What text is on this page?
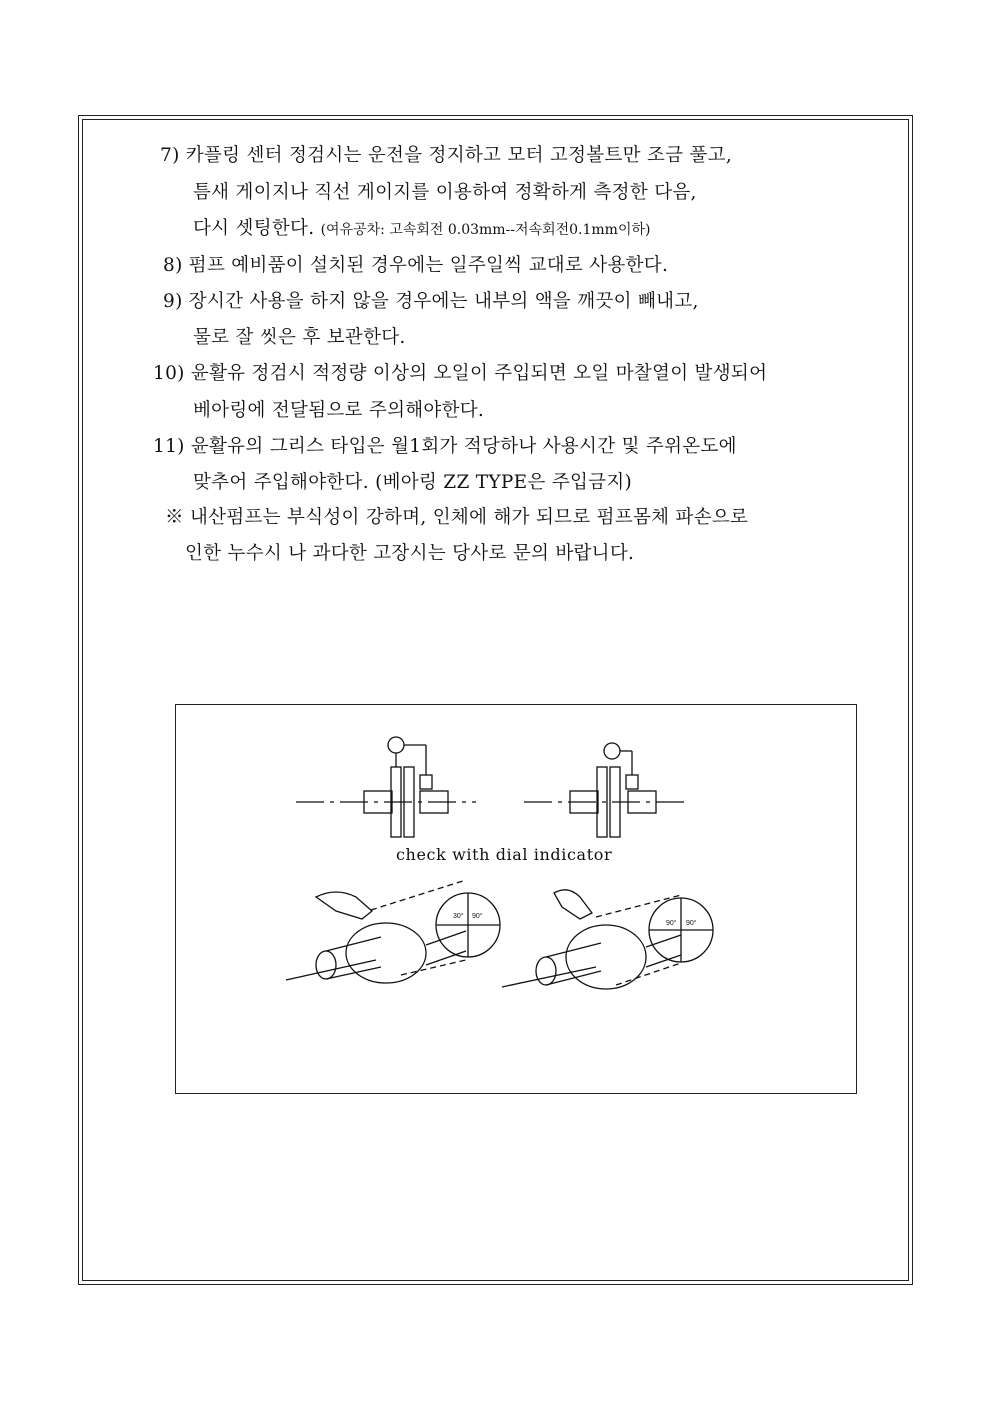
7) 카플링 센터 정검시는 운전을 정지하고 모터 고정볼트만 조금 풀고,
틈새 게이지나 직선 게이지를 이용하여 정확하게 측정한 다음,
다시 셋팅한다. (여유공차: 고속회전 0.03mm--저속회전0.1mm이하)
8) 펌프 예비품이 설치된 경우에는 일주일씩 교대로 사용한다.
9) 장시간 사용을 하지 않을 경우에는 내부의 액을 깨끗이 빼내고,
물로 잘 씻은 후 보관한다.
10) 윤활유 정검시 적정량 이상의 오일이 주입되면 오일 마찰열이 발생되어
베아링에 전달됨으로 주의해야한다.
11) 윤활유의 그리스 타입은 월1회가 적당하나 사용시간 및 주위온도에
맞추어 주입해야한다. (베아링 ZZ TYPE은 주입금지)
※ 내산펌프는 부식성이 강하며, 인체에 해가 되므로 펌프몸체 파손으로
인한 누수시 나 과다한 고장시는 당사로 문의 바랍니다.
30° 90°
90° 90°
check with dial indicator
